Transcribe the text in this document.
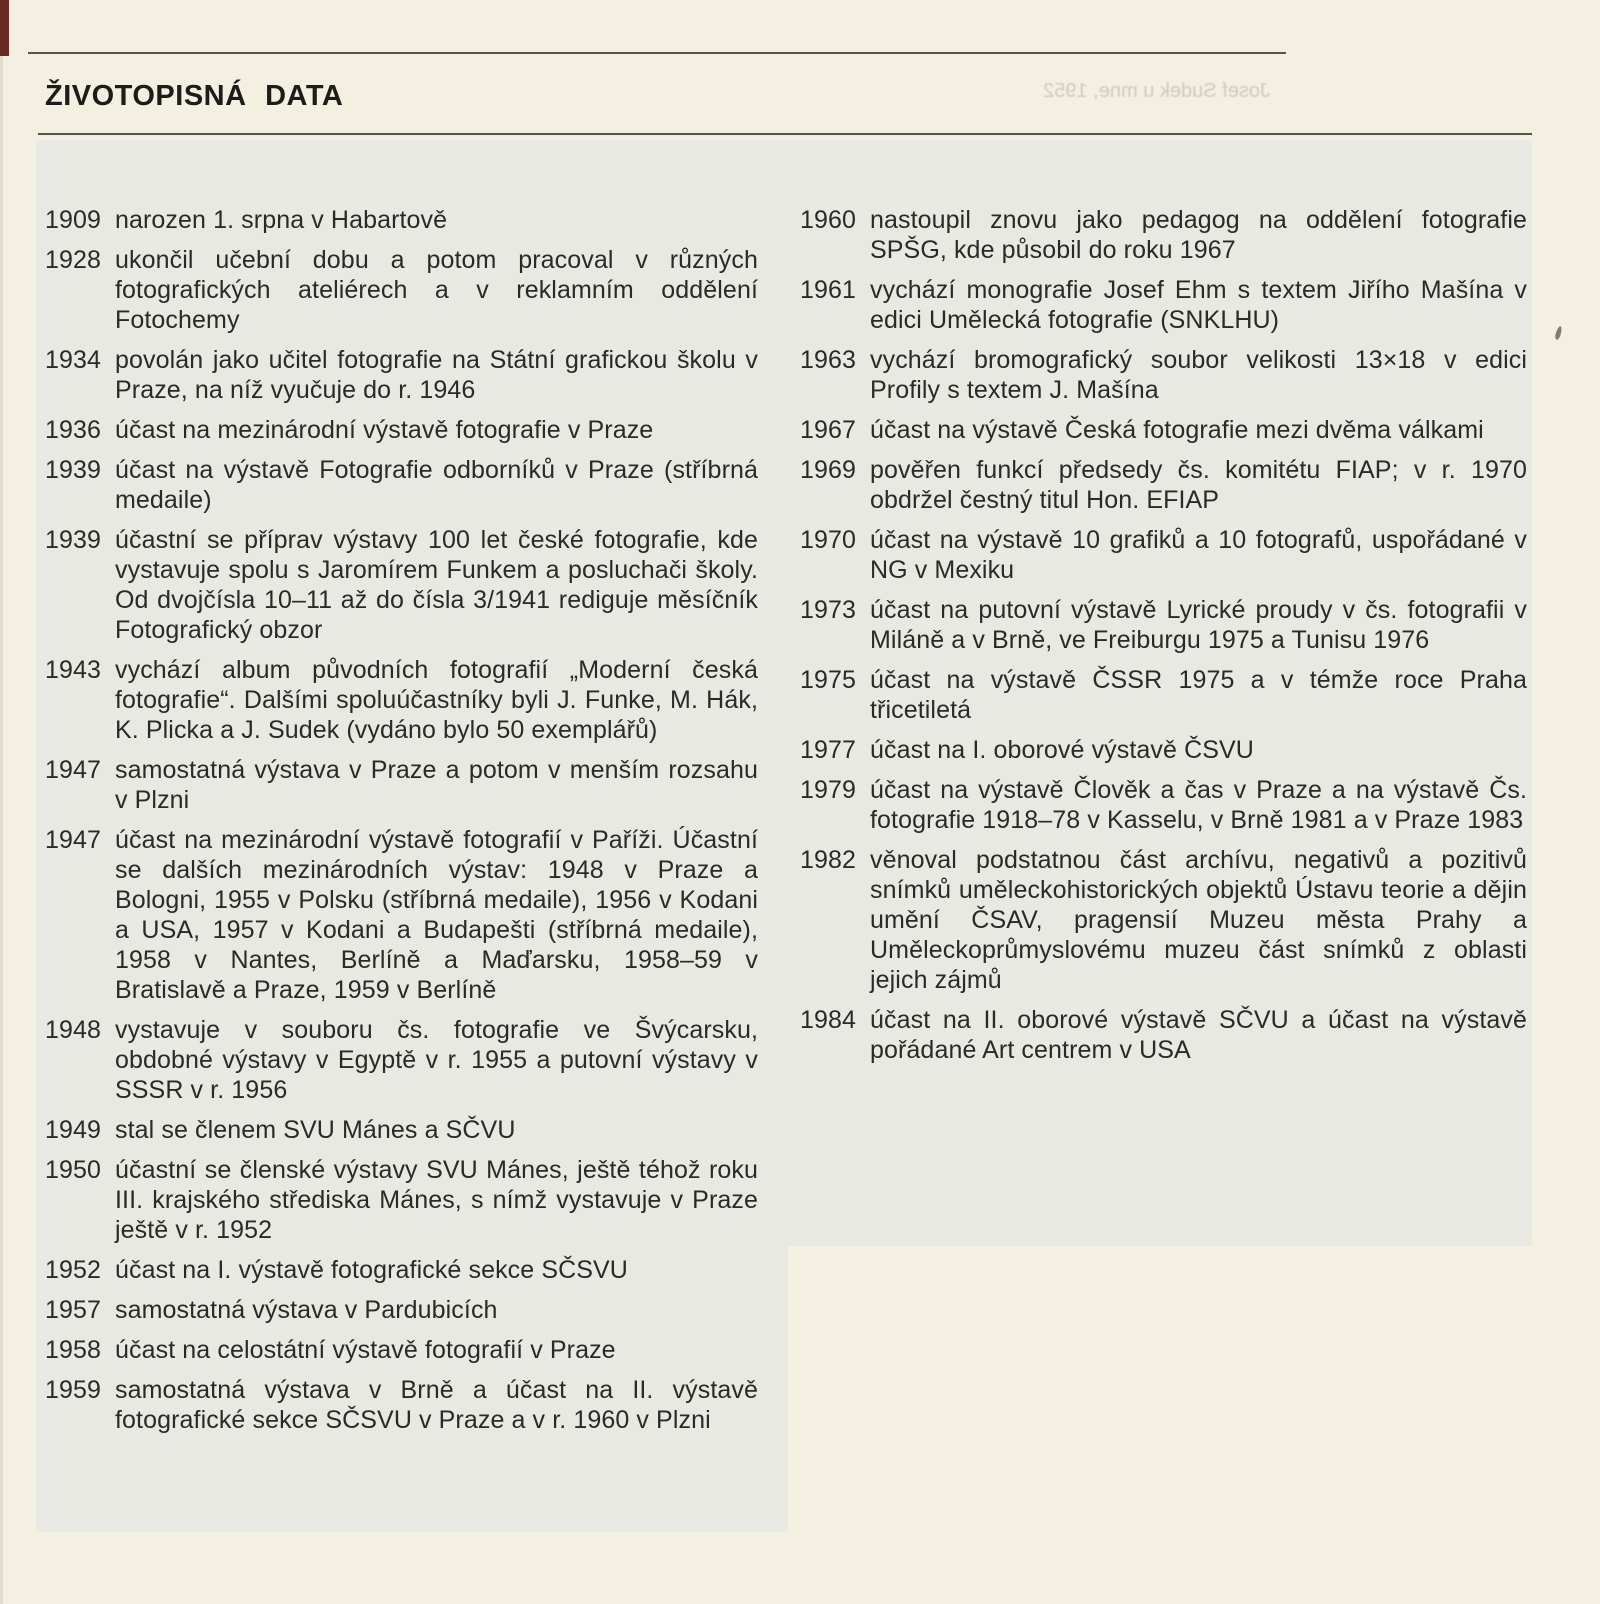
ŽIVOTOPISNÁ DATA	Josef Sudek u mne, 1952
1909 narozen 1. srpna v Habartově
1928 ukončil učební dobu a potom pracoval v různých fotografických ateliérech a v reklamním oddělení Fotochemy
1934 povolán jako učitel fotografie na Státní grafickou školu v Praze, na níž vyučuje do r. 1946
1936 účast na mezinárodní výstavě fotografie v Praze
1939 účast na výstavě Fotografie odborníků v Praze (stříbrná medaile)
1939 účastní se příprav výstavy 100 let české fotografie, kde vystavuje spolu s Jaromírem Funkem a posluchači školy. Od dvojčísla 10–11 až do čísla 3/1941 rediguje měsíčník Fotografický obzor
1943 vychází album původních fotografií „Moderní česká fotografie“. Dalšími spoluúčastníky byli J. Funke, M. Hák, K. Plicka a J. Sudek (vydáno bylo 50 exemplářů)
1947 samostatná výstava v Praze a potom v menším rozsahu v Plzni
1947 účast na mezinárodní výstavě fotografií v Paříži. Účastní se dalších mezinárodních výstav: 1948 v Praze a Bologni, 1955 v Polsku (stříbrná medaile), 1956 v Kodani a USA, 1957 v Kodani a Budapešti (stříbrná medaile), 1958 v Nantes, Berlíně a Maďarsku, 1958–59 v Bratislavě a Praze, 1959 v Berlíně
1948 vystavuje v souboru čs. fotografie ve Švýcarsku, obdobné výstavy v Egyptě v r. 1955 a putovní výstavy v SSSR v r. 1956
1949 stal se členem SVU Mánes a SČVU
1950 účastní se členské výstavy SVU Mánes, ještě téhož roku III. krajského střediska Mánes, s nímž vystavuje v Praze ještě v r. 1952
1952 účast na I. výstavě fotografické sekce SČSVU
1957 samostatná výstava v Pardubicích
1958 účast na celostátní výstavě fotografií v Praze
1959 samostatná výstava v Brně a účast na II. výstavě fotografické sekce SČSVU v Praze a v r. 1960 v Plzni
1960 nastoupil znovu jako pedagog na oddělení fotografie SPŠG, kde působil do roku 1967
1961 vychází monografie Josef Ehm s textem Jiřího Mašína v edici Umělecká fotografie (SNKLHU)
1963 vychází bromografický soubor velikosti 13×18 v edici Profily s textem J. Mašína
1967 účast na výstavě Česká fotografie mezi dvěma válkami
1969 pověřen funkcí předsedy čs. komitétu FIAP; v r. 1970 obdržel čestný titul Hon. EFIAP
1970 účast na výstavě 10 grafiků a 10 fotografů, uspořádané v NG v Mexiku
1973 účast na putovní výstavě Lyrické proudy v čs. fotografii v Miláně a v Brně, ve Freiburgu 1975 a Tunisu 1976
1975 účast na výstavě ČSSR 1975 a v témže roce Praha třicetiletá
1977 účast na I. oborové výstavě ČSVU
1979 účast na výstavě Člověk a čas v Praze a na výstavě Čs. fotografie 1918–78 v Kasselu, v Brně 1981 a v Praze 1983
1982 věnoval podstatnou část archívu, negativů a pozitivů snímků uměleckohistorických objektů Ústavu teorie a dějin umění ČSAV, pragensií Muzeu města Prahy a Uměleckoprůmyslovému muzeu část snímků z oblasti jejich zájmů
1984 účast na II. oborové výstavě SČVU a účast na výstavě pořádané Art centrem v USA
